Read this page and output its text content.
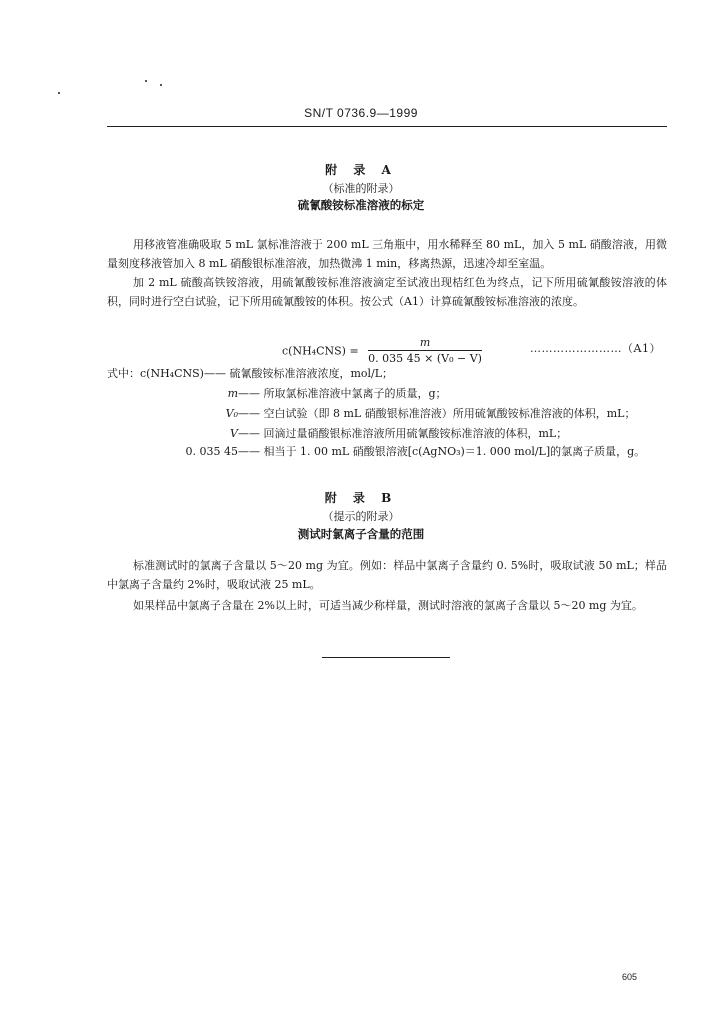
SN/T 0736.9—1999
附 录 A
（标准的附录）
硫氰酸铵标准溶液的标定
用移液管准确吸取 5 mL 氯标准溶液于 200 mL 三角瓶中，用水稀释至 80 mL，加入 5 mL 硝酸溶液，用微量刻度移液管加入 8 mL 硝酸银标准溶液，加热微沸 1 min，移离热源，迅速冷却至室温。
加 2 mL 硫酸高铁铵溶液，用硫氰酸铵标准溶液滴定至试液出现桔红色为终点，记下所用硫氰酸铵溶液的体积，同时进行空白试验，记下所用硫氰酸铵的体积。按公式（A1）计算硫氰酸铵标准溶液的浓度。
$c(NH_4CNS) = \frac{m}{\text{0. 035 45 × (V₀ − V)}}$	……………………（A1）
式中：c(NH₄CNS)—— 硫氰酸铵标准溶液浓度，mol/L；
m—— 所取氯标准溶液中氯离子的质量，g；
V₀—— 空白试验（即 8 mL 硝酸银标准溶液）所用硫氰酸铵标准溶液的体积，mL；
V—— 回滴过量硝酸银标准溶液所用硫氰酸铵标准溶液的体积，mL；
0. 035 45—— 相当于 1. 00 mL 硝酸银溶液[c(AgNO₃)＝1. 000 mol/L]的氯离子质量，g。
附 录 B
（提示的附录）
测试时氯离子含量的范围
标准测试时的氯离子含量以 5～20 mg 为宜。例如：样品中氯离子含量约 0. 5%时，吸取试液 50 mL；样品中氯离子含量约 2%时，吸取试液 25 mL。
如果样品中氯离子含量在 2%以上时，可适当减少称样量，测试时溶液的氯离子含量以 5～20 mg 为宜。
605
